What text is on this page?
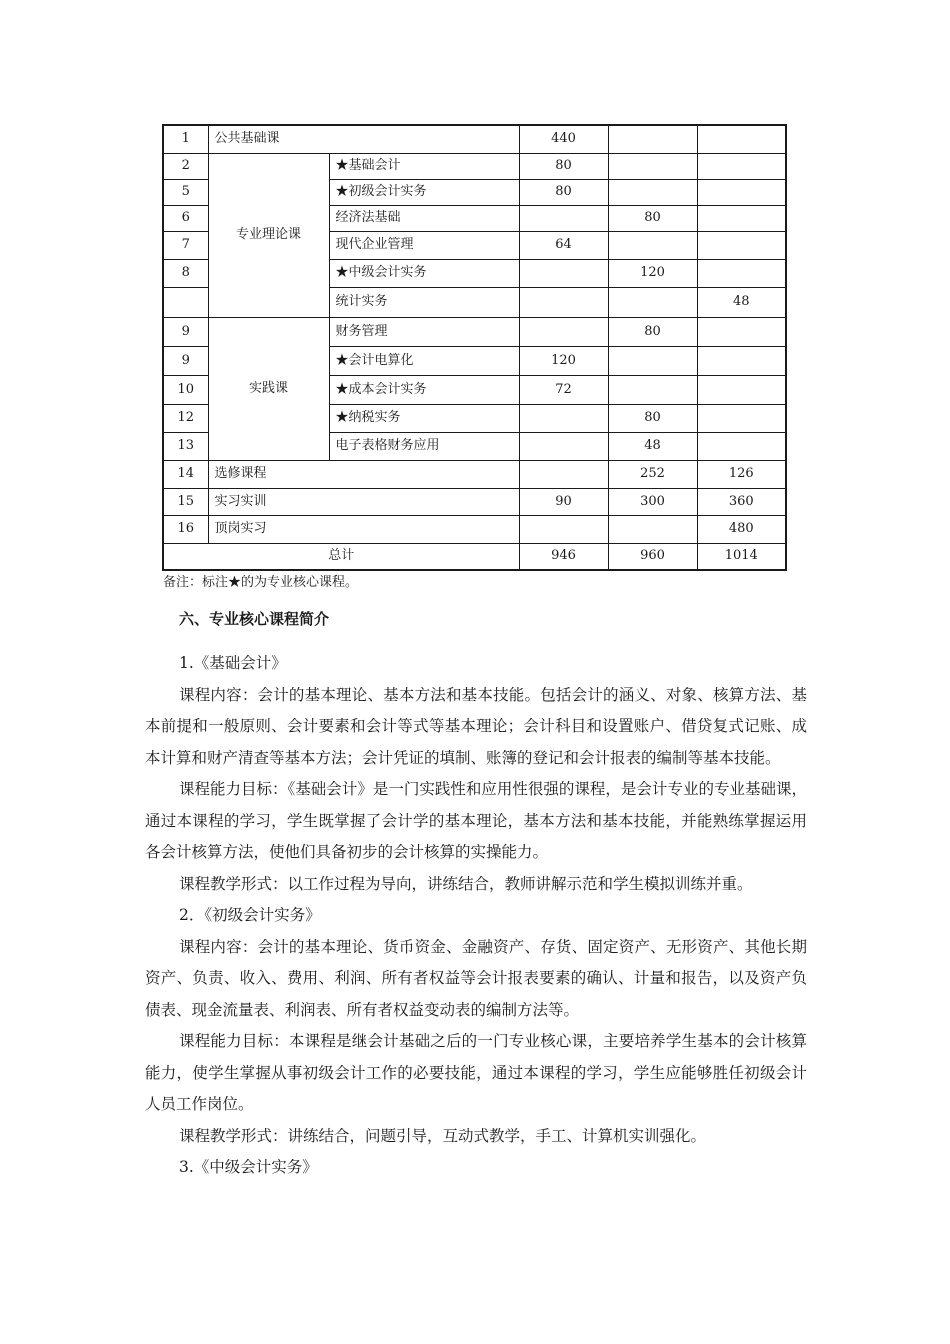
1	公共基础课		440		
2	专业理论课	★基础会计	80		
5		★初级会计实务	80		
6		经济法基础		80	
7		现代企业管理	64		
8		★中级会计实务		120	
		统计实务			48
9	实践课	财务管理		80	
9		★会计电算化	120		
10		★成本会计实务	72		
12		★纳税实务		80	
13		电子表格财务应用		48	
14	选修课程			252	126
15	实习实训		90	300	360
16	顶岗实习				480
总计			946	960	1014
备注：标注★的为专业核心课程。
六、专业核心课程简介

1.《基础会计》

课程内容：会计的基本理论、基本方法和基本技能。包括会计的涵义、对象、核算方法、基本前提和一般原则、会计要素和会计等式等基本理论；会计科目和设置账户、借贷复式记账、成本计算和财产清查等基本方法；会计凭证的填制、账簿的登记和会计报表的编制等基本技能。

课程能力目标：《基础会计》是一门实践性和应用性很强的课程，是会计专业的专业基础课，通过本课程的学习，学生既掌握了会计学的基本理论，基本方法和基本技能，并能熟练掌握运用各会计核算方法，使他们具备初步的会计核算的实操能力。

课程教学形式：以工作过程为导向，讲练结合，教师讲解示范和学生模拟训练并重。

2．《初级会计实务》

课程内容：会计的基本理论、货币资金、金融资产、存货、固定资产、无形资产、其他长期资产、负责、收入、费用、利润、所有者权益等会计报表要素的确认、计量和报告，以及资产负债表、现金流量表、利润表、所有者权益变动表的编制方法等。

课程能力目标：本课程是继会计基础之后的一门专业核心课，主要培养学生基本的会计核算能力，使学生掌握从事初级会计工作的必要技能，通过本课程的学习，学生应能够胜任初级会计人员工作岗位。

课程教学形式：讲练结合，问题引导，互动式教学，手工、计算机实训强化。

3.《中级会计实务》
